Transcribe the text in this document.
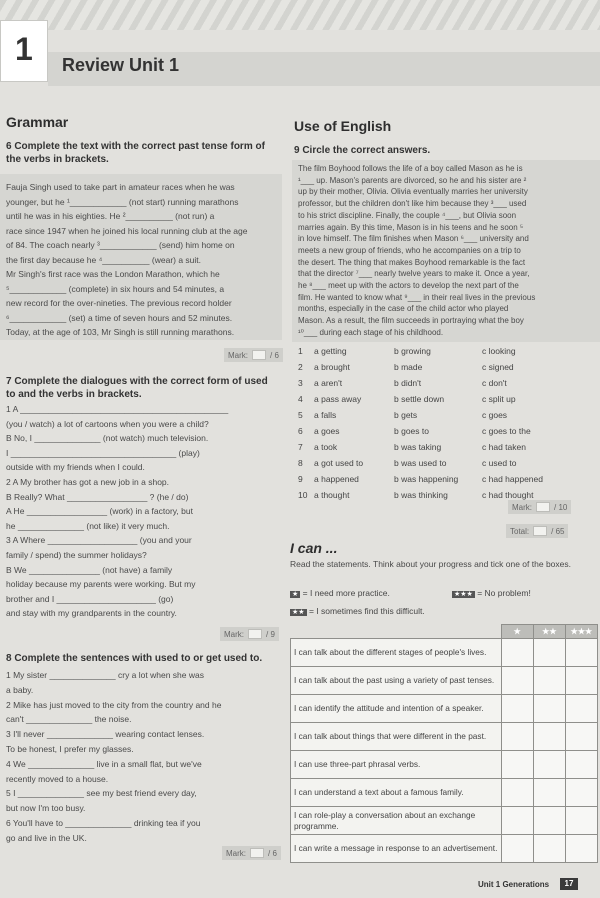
1 Review Unit 1
Grammar
6 Complete the text with the correct past tense form of the verbs in brackets.
Fauja Singh used to take part in amateur races when he was
younger, but he ¹____________ (not start) running marathons
until he was in his eighties. He ²__________ (not run) a
race since 1947 when he joined his local running club at the age
of 84. The coach nearly ³____________ (send) him home on
the first day because he ⁴__________ (wear) a suit.
Mr Singh's first race was the London Marathon, which he
⁵____________ (complete) in six hours and 54 minutes, a
new record for the over-nineties. The previous record holder
⁶____________ (set) a time of seven hours and 52 minutes.
Today, at the age of 103, Mr Singh is still running marathons.
Mark:	/ 6
7 Complete the dialogues with the correct form of used to and the verbs in brackets.
1 A ____________________________________________
(you / watch) a lot of cartoons when you were a child?
B No, I ______________ (not watch) much television.
I ___________________________________ (play)
outside with my friends when I could.
2 A My brother has got a new job in a shop.
B Really? What _________________ ? (he / do)
A He _________________ (work) in a factory, but
he ______________ (not like) it very much.
3 A Where ___________________ (you and your
family / spend) the summer holidays?
B We _______________ (not have) a family
holiday because my parents were working. But my
brother and I _____________________ (go)
and stay with my grandparents in the country.
Mark:	/ 9
8 Complete the sentences with used to or get used to.
1 My sister ______________ cry a lot when she was
a baby.
2 Mike has just moved to the city from the country and he
can't ______________ the noise.
3 I'll never ______________ wearing contact lenses.
To be honest, I prefer my glasses.
4 We ______________ live in a small flat, but we've
recently moved to a house.
5 I ______________ see my best friend every day,
but now I'm too busy.
6 You'll have to ______________ drinking tea if you
go and live in the UK.
Mark:	/ 6
Use of English
9 Circle the correct answers.
The film Boyhood follows the life of a boy called Mason as he is
¹___ up. Mason's parents are divorced, so he and his sister are ²
up by their mother, Olivia. Olivia eventually marries her university
professor, but the children don't like him because they ³___ used
to his strict discipline. Finally, the couple ⁴___, but Olivia soon
marries again. By this time, Mason is in his teens and he soon ⁵
in love himself. The film finishes when Mason ⁶___ university and
meets a new group of friends, who he accompanies on a trip to
the desert. The thing that makes Boyhood remarkable is the fact
that the director ⁷___ nearly twelve years to make it. Once a year,
he ⁸___ meet up with the actors to develop the next part of the
film. He wanted to know what ⁹___ in their real lives in the previous
months, especially in the case of the child actor who played
Mason. As a result, the film succeeds in portraying what the boy
¹⁰___ during each stage of his childhood.
1	a getting	b growing	c looking
2	a brought	b made	c signed
3	a aren't	b didn't	c don't
4	a pass away	b settle down	c split up
5	a falls	b gets	c goes
6	a goes	b goes to	c goes to the
7	a took	b was taking	c had taken
8	a got used to	b was used to	c used to
9	a happened	b was happening	c had happened
10 a thought	b was thinking	c had thought
Mark:	/ 10
Total:	/ 65
I can ...
Read the statements. Think about your progress and tick one of the boxes.
★ = I need more practice.	★★★ = No problem!
★★ = I sometimes find this difficult.
	★	★★	★★★
I can talk about the different stages of people's lives.			
I can talk about the past using a variety of past tenses.			
I can identify the attitude and intention of a speaker.			
I can talk about things that were different in the past.			
I can use three-part phrasal verbs.			
I can understand a text about a famous family.			
I can role-play a conversation about an exchange programme.			
I can write a message in response to an advertisement.			
Unit 1 Generations	17
